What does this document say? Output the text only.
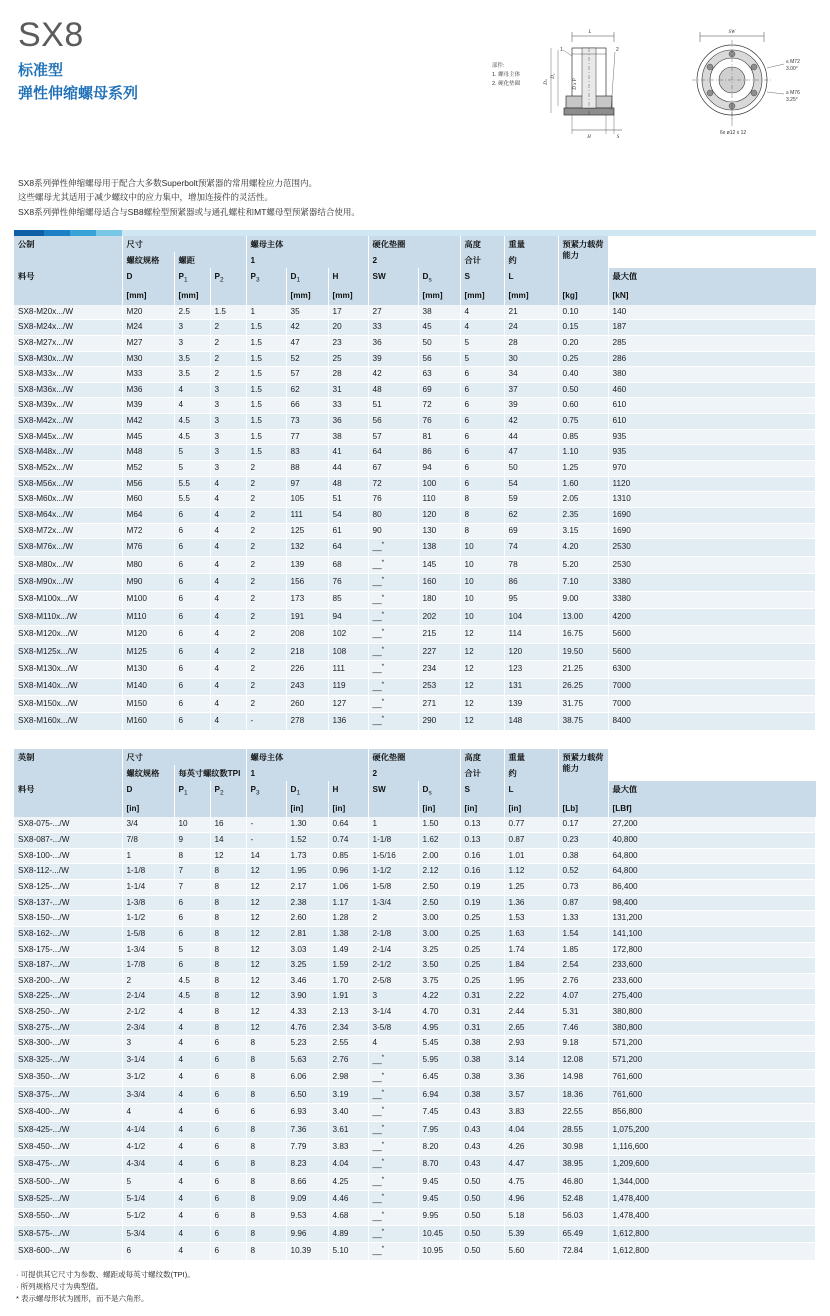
SX8
标准型
弹性伸缩螺母系列
L
1	2
H	S
D₁
Dₛ	D x P
SW
≤ M72
3.00°
≥ M76
3.25°
6x ø12 x 12
部件:
1. 螺母主体
2. 硬化垫圈

SX8系列弹性伸缩螺母用于配合大多数Superbolt预紧器的常用螺栓应力范围内。

这些螺母尤其适用于减少螺纹中的应力集中，增加连接件的灵活性。

SX8系列弹性伸缩螺母适合与SB8螺栓型预紧器或与通孔螺柱和MT螺母型预紧器结合使用。

公制	尺寸			螺母主体			硬化垫圈		高度	重量	预紧力载荷能力	
	螺纹规格	螺距		1			2		合计	约		
料号	D	$P_1$	$P_2$	$P_3$	$D_1$	H	SW	$D_s$	S	L		最大值
	[mm]	[mm]			[mm]	[mm]		[mm]	[mm]	[mm]	[kg]	[kN]
SX8-M20x.../W	M20	2.5	1.5	1	35	17	27	38	4	21	0.10	140
SX8-M24x.../W	M24	3	2	1.5	42	20	33	45	4	24	0.15	187
SX8-M27x.../W	M27	3	2	1.5	47	23	36	50	5	28	0.20	285
SX8-M30x.../W	M30	3.5	2	1.5	52	25	39	56	5	30	0.25	286
SX8-M33x.../W	M33	3.5	2	1.5	57	28	42	63	6	34	0.40	380
SX8-M36x.../W	M36	4	3	1.5	62	31	48	69	6	37	0.50	460
SX8-M39x.../W	M39	4	3	1.5	66	33	51	72	6	39	0.60	610
SX8-M42x.../W	M42	4.5	3	1.5	73	36	56	76	6	42	0.75	610
SX8-M45x.../W	M45	4.5	3	1.5	77	38	57	81	6	44	0.85	935
SX8-M48x.../W	M48	5	3	1.5	83	41	64	86	6	47	1.10	935
SX8-M52x.../W	M52	5	3	2	88	44	67	94	6	50	1.25	970
SX8-M56x.../W	M56	5.5	4	2	97	48	72	100	6	54	1.60	1120
SX8-M60x.../W	M60	5.5	4	2	105	51	76	110	8	59	2.05	1310
SX8-M64x.../W	M64	6	4	2	111	54	80	120	8	62	2.35	1690
SX8-M72x.../W	M72	6	4	2	125	61	90	130	8	69	3.15	1690
SX8-M76x.../W	M76	6	4	2	132	64	__*	138	10	74	4.20	2530
SX8-M80x.../W	M80	6	4	2	139	68	__*	145	10	78	5.20	2530
SX8-M90x.../W	M90	6	4	2	156	76	__*	160	10	86	7.10	3380
SX8-M100x.../W	M100	6	4	2	173	85	__*	180	10	95	9.00	3380
SX8-M110x.../W	M110	6	4	2	191	94	__*	202	10	104	13.00	4200
SX8-M120x.../W	M120	6	4	2	208	102	__*	215	12	114	16.75	5600
SX8-M125x.../W	M125	6	4	2	218	108	__*	227	12	120	19.50	5600
SX8-M130x.../W	M130	6	4	2	226	111	__*	234	12	123	21.25	6300
SX8-M140x.../W	M140	6	4	2	243	119	__*	253	12	131	26.25	7000
SX8-M150x.../W	M150	6	4	2	260	127	__*	271	12	139	31.75	7000
SX8-M160x.../W	M160	6	4	-	278	136	__*	290	12	148	38.75	8400
英制	尺寸			螺母主体			硬化垫圈		高度	重量	预紧力载荷能力	
	螺纹规格	每英寸螺纹数TPI		1			2		合计	约		
料号	D	$P_1$	$P_2$	$P_3$	$D_1$	H	SW	$D_s$	S	L		最大值
	[in]				[in]	[in]		[in]	[in]	[in]	[Lb]	[LBf]
SX8-075-.../W	3/4	10	16	-	1.30	0.64	1	1.50	0.13	0.77	0.17	27,200
SX8-087-.../W	7/8	9	14	-	1.52	0.74	1-1/8	1.62	0.13	0.87	0.23	40,800
SX8-100-.../W	1	8	12	14	1.73	0.85	1-5/16	2.00	0.16	1.01	0.38	64,800
SX8-112-.../W	1-1/8	7	8	12	1.95	0.96	1-1/2	2.12	0.16	1.12	0.52	64,800
SX8-125-.../W	1-1/4	7	8	12	2.17	1.06	1-5/8	2.50	0.19	1.25	0.73	86,400
SX8-137-.../W	1-3/8	6	8	12	2.38	1.17	1-3/4	2.50	0.19	1.36	0.87	98,400
SX8-150-.../W	1-1/2	6	8	12	2.60	1.28	2	3.00	0.25	1.53	1.33	131,200
SX8-162-.../W	1-5/8	6	8	12	2.81	1.38	2-1/8	3.00	0.25	1.63	1.54	141,100
SX8-175-.../W	1-3/4	5	8	12	3.03	1.49	2-1/4	3.25	0.25	1.74	1.85	172,800
SX8-187-.../W	1-7/8	6	8	12	3.25	1.59	2-1/2	3.50	0.25	1.84	2.54	233,600
SX8-200-.../W	2	4.5	8	12	3.46	1.70	2-5/8	3.75	0.25	1.95	2.76	233,600
SX8-225-.../W	2-1/4	4.5	8	12	3.90	1.91	3	4.22	0.31	2.22	4.07	275,400
SX8-250-.../W	2-1/2	4	8	12	4.33	2.13	3-1/4	4.70	0.31	2.44	5.31	380,800
SX8-275-.../W	2-3/4	4	8	12	4.76	2.34	3-5/8	4.95	0.31	2.65	7.46	380,800
SX8-300-.../W	3	4	6	8	5.23	2.55	4	5.45	0.38	2.93	9.18	571,200
SX8-325-.../W	3-1/4	4	6	8	5.63	2.76	__*	5.95	0.38	3.14	12.08	571,200
SX8-350-.../W	3-1/2	4	6	8	6.06	2.98	__*	6.45	0.38	3.36	14.98	761,600
SX8-375-.../W	3-3/4	4	6	8	6.50	3.19	__*	6.94	0.38	3.57	18.36	761,600
SX8-400-.../W	4	4	6	6	6.93	3.40	__*	7.45	0.43	3.83	22.55	856,800
SX8-425-.../W	4-1/4	4	6	8	7.36	3.61	__*	7.95	0.43	4.04	28.55	1,075,200
SX8-450-.../W	4-1/2	4	6	8	7.79	3.83	__*	8.20	0.43	4.26	30.98	1,116,600
SX8-475-.../W	4-3/4	4	6	8	8.23	4.04	__*	8.70	0.43	4.47	38.95	1,209,600
SX8-500-.../W	5	4	6	8	8.66	4.25	__*	9.45	0.50	4.75	46.80	1,344,000
SX8-525-.../W	5-1/4	4	6	8	9.09	4.46	__*	9.45	0.50	4.96	52.48	1,478,400
SX8-550-.../W	5-1/2	4	6	8	9.53	4.68	__*	9.95	0.50	5.18	56.03	1,478,400
SX8-575-.../W	5-3/4	4	6	8	9.96	4.89	__*	10.45	0.50	5.39	65.49	1,612,800
SX8-600-.../W	6	4	6	8	10.39	5.10	__*	10.95	0.50	5.60	72.84	1,612,800

· 可提供其它尺寸为参数、螺距或每英寸螺纹数(TPI)。

· 所列规格尺寸为典型值。

* 表示螺母形状为圆形，而不是六角形。
